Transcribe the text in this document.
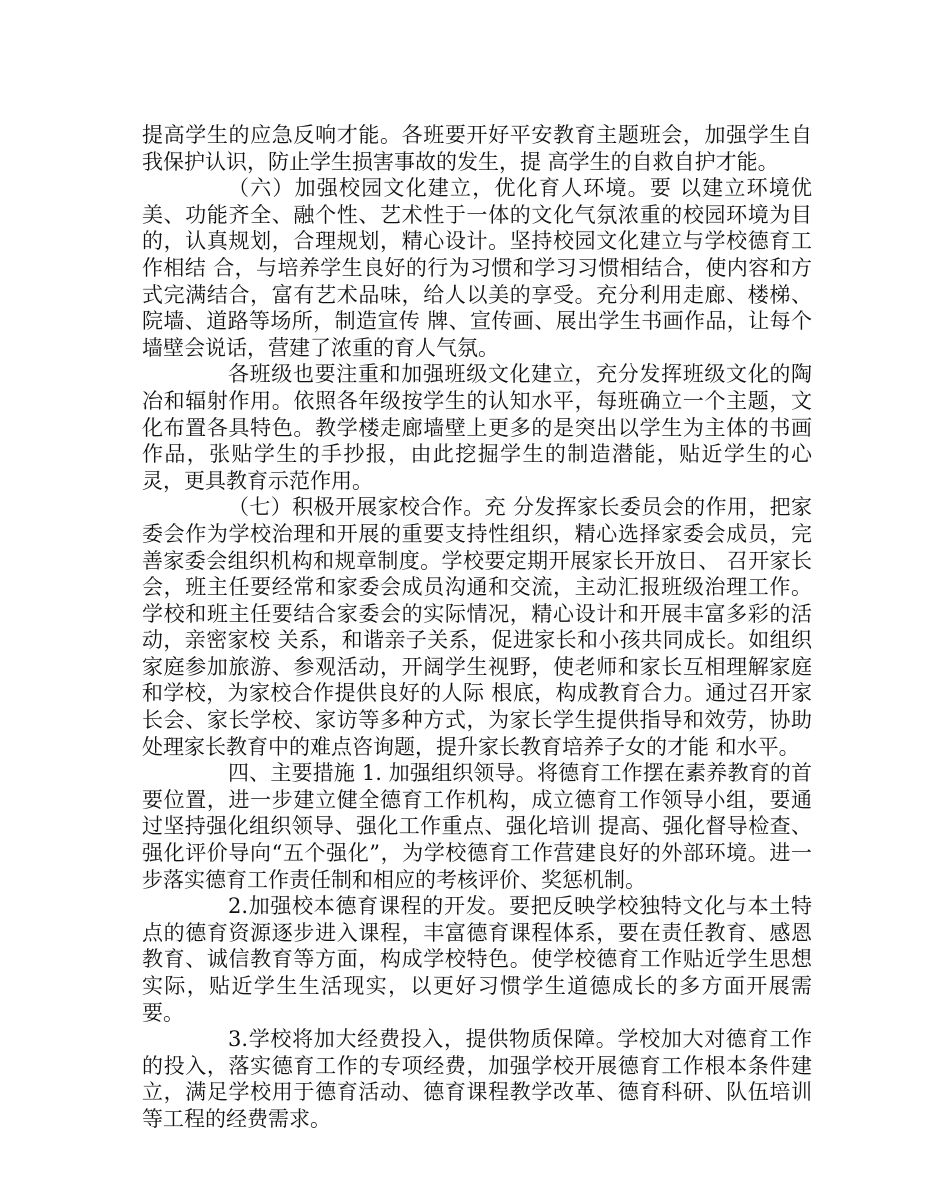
提高学生的应急反响才能。各班要开好平安教育主题班会，加强学生自我保护认识，防止学生损害事故的发生，提 高学生的自救自护才能。

（六）加强校园文化建立，优化育人环境。要 以建立环境优美、功能齐全、融个性、艺术性于一体的文化气氛浓重的校园环境为目的，认真规划，合理规划，精心设计。坚持校园文化建立与学校德育工作相结 合，与培养学生良好的行为习惯和学习习惯相结合，使内容和方式完满结合，富有艺术品味，给人以美的享受。充分利用走廊、楼梯、院墙、道路等场所，制造宣传 牌、宣传画、展出学生书画作品，让每个墙壁会说话，营建了浓重的育人气氛。

各班级也要注重和加强班级文化建立，充分发挥班级文化的陶冶和辐射作用。依照各年级按学生的认知水平，每班确立一个主题，文化布置各具特色。教学楼走廊墙壁上更多的是突出以学生为主体的书画作品，张贴学生的手抄报，由此挖掘学生的制造潜能，贴近学生的心灵，更具教育示范作用。

（七）积极开展家校合作。充 分发挥家长委员会的作用，把家委会作为学校治理和开展的重要支持性组织，精心选择家委会成员，完善家委会组织机构和规章制度。学校要定期开展家长开放日、 召开家长会，班主任要经常和家委会成员沟通和交流，主动汇报班级治理工作。学校和班主任要结合家委会的实际情况，精心设计和开展丰富多彩的活动，亲密家校 关系，和谐亲子关系，促进家长和小孩共同成长。如组织家庭参加旅游、参观活动，开阔学生视野，使老师和家长互相理解家庭和学校，为家校合作提供良好的人际 根底，构成教育合力。通过召开家长会、家长学校、家访等多种方式，为家长学生提供指导和效劳，协助处理家长教育中的难点咨询题，提升家长教育培养子女的才能 和水平。

四、主要措施 1. 加强组织领导。将德育工作摆在素养教育的首要位置，进一步建立健全德育工作机构，成立德育工作领导小组，要通过坚持强化组织领导、强化工作重点、强化培训 提高、强化督导检查、强化评价导向“五个强化”，为学校德育工作营建良好的外部环境。进一步落实德育工作责任制和相应的考核评价、奖惩机制。

2.加强校本德育课程的开发。要把反映学校独特文化与本土特点的德育资源逐步进入课程，丰富德育课程体系，要在责任教育、感恩教育、诚信教育等方面，构成学校特色。使学校德育工作贴近学生思想实际，贴近学生生活现实，以更好习惯学生道德成长的多方面开展需要。

3.学校将加大经费投入，提供物质保障。学校加大对德育工作的投入，落实德育工作的专项经费，加强学校开展德育工作根本条件建立，满足学校用于德育活动、德育课程教学改革、德育科研、队伍培训等工程的经费需求。
